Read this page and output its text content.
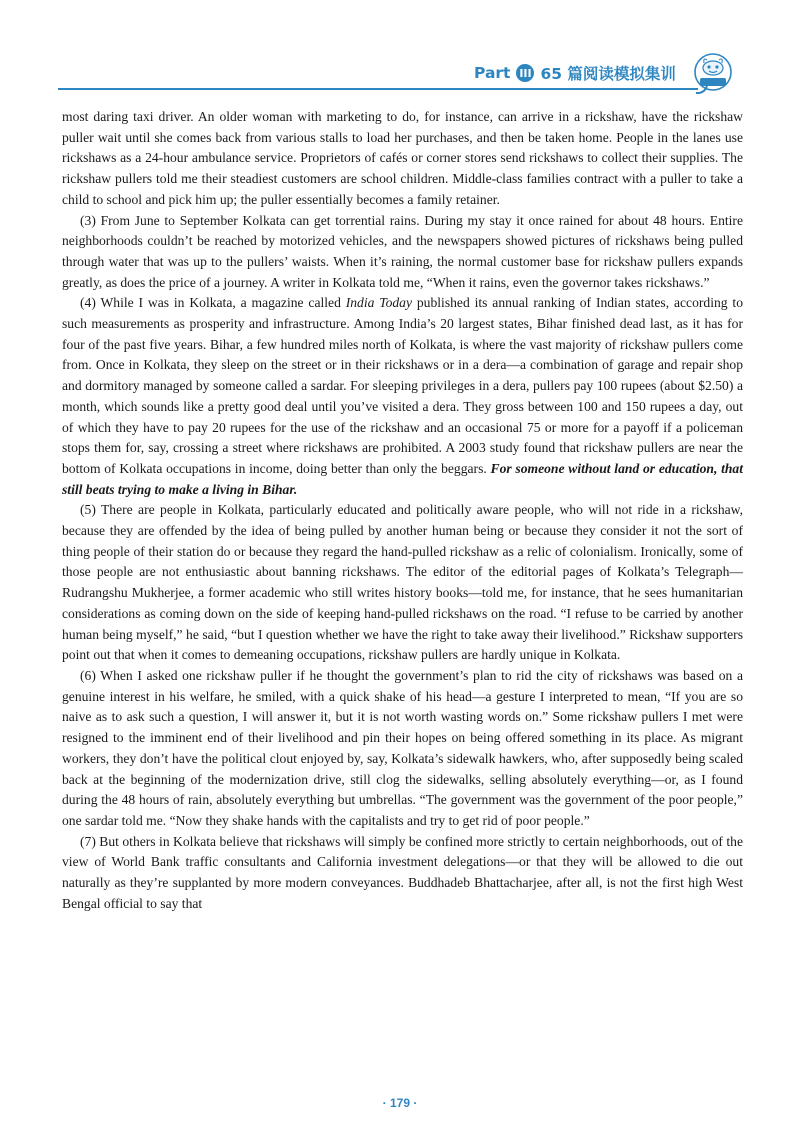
Part III 65 篇阅读模拟集训

most daring taxi driver. An older woman with marketing to do, for instance, can arrive in a rickshaw, have the rickshaw puller wait until she comes back from various stalls to load her purchases, and then be taken home. People in the lanes use rickshaws as a 24-hour ambulance service. Proprietors of cafés or corner stores send rickshaws to collect their supplies. The rickshaw pullers told me their steadiest customers are school children. Middle-class families contract with a puller to take a child to school and pick him up; the puller essentially becomes a family retainer.

(3) From June to September Kolkata can get torrential rains. During my stay it once rained for about 48 hours. Entire neighborhoods couldn’t be reached by motorized vehicles, and the newspapers showed pictures of rickshaws being pulled through water that was up to the pullers’ waists. When it’s raining, the normal customer base for rickshaw pullers expands greatly, as does the price of a journey. A writer in Kolkata told me, “When it rains, even the governor takes rickshaws.”

(4) While I was in Kolkata, a magazine called India Today published its annual ranking of Indian states, according to such measurements as prosperity and infrastructure. Among India’s 20 largest states, Bihar finished dead last, as it has for four of the past five years. Bihar, a few hundred miles north of Kolkata, is where the vast majority of rickshaw pullers come from. Once in Kolkata, they sleep on the street or in their rickshaws or in a dera—a combination of garage and repair shop and dormitory managed by someone called a sardar. For sleeping privileges in a dera, pullers pay 100 rupees (about $2.50) a month, which sounds like a pretty good deal until you’ve visited a dera. They gross between 100 and 150 rupees a day, out of which they have to pay 20 rupees for the use of the rickshaw and an occasional 75 or more for a payoff if a policeman stops them for, say, crossing a street where rickshaws are prohibited. A 2003 study found that rickshaw pullers are near the bottom of Kolkata occupations in income, doing better than only the beggars. For someone without land or education, that still beats trying to make a living in Bihar.

(5) There are people in Kolkata, particularly educated and politically aware people, who will not ride in a rickshaw, because they are offended by the idea of being pulled by another human being or because they consider it not the sort of thing people of their station do or because they regard the hand-pulled rickshaw as a relic of colonialism. Ironically, some of those people are not enthusiastic about banning rickshaws. The editor of the editorial pages of Kolkata’s Telegraph—Rudrangshu Mukherjee, a former academic who still writes history books—told me, for instance, that he sees humanitarian considerations as coming down on the side of keeping hand-pulled rickshaws on the road. “I refuse to be carried by another human being myself,” he said, “but I question whether we have the right to take away their livelihood.” Rickshaw supporters point out that when it comes to demeaning occupations, rickshaw pullers are hardly unique in Kolkata.

(6) When I asked one rickshaw puller if he thought the government’s plan to rid the city of rickshaws was based on a genuine interest in his welfare, he smiled, with a quick shake of his head—a gesture I interpreted to mean, “If you are so naive as to ask such a question, I will answer it, but it is not worth wasting words on.” Some rickshaw pullers I met were resigned to the imminent end of their livelihood and pin their hopes on being offered something in its place. As migrant workers, they don’t have the political clout enjoyed by, say, Kolkata’s sidewalk hawkers, who, after supposedly being scaled back at the beginning of the modernization drive, still clog the sidewalks, selling absolutely everything—or, as I found during the 48 hours of rain, absolutely everything but umbrellas. “The government was the government of the poor people,” one sardar told me. “Now they shake hands with the capitalists and try to get rid of poor people.”

(7) But others in Kolkata believe that rickshaws will simply be confined more strictly to certain neighborhoods, out of the view of World Bank traffic consultants and California investment delegations—or that they will be allowed to die out naturally as they’re supplanted by more modern conveyances. Buddhadeb Bhattacharjee, after all, is not the first high West Bengal official to say that

· 179 ·
